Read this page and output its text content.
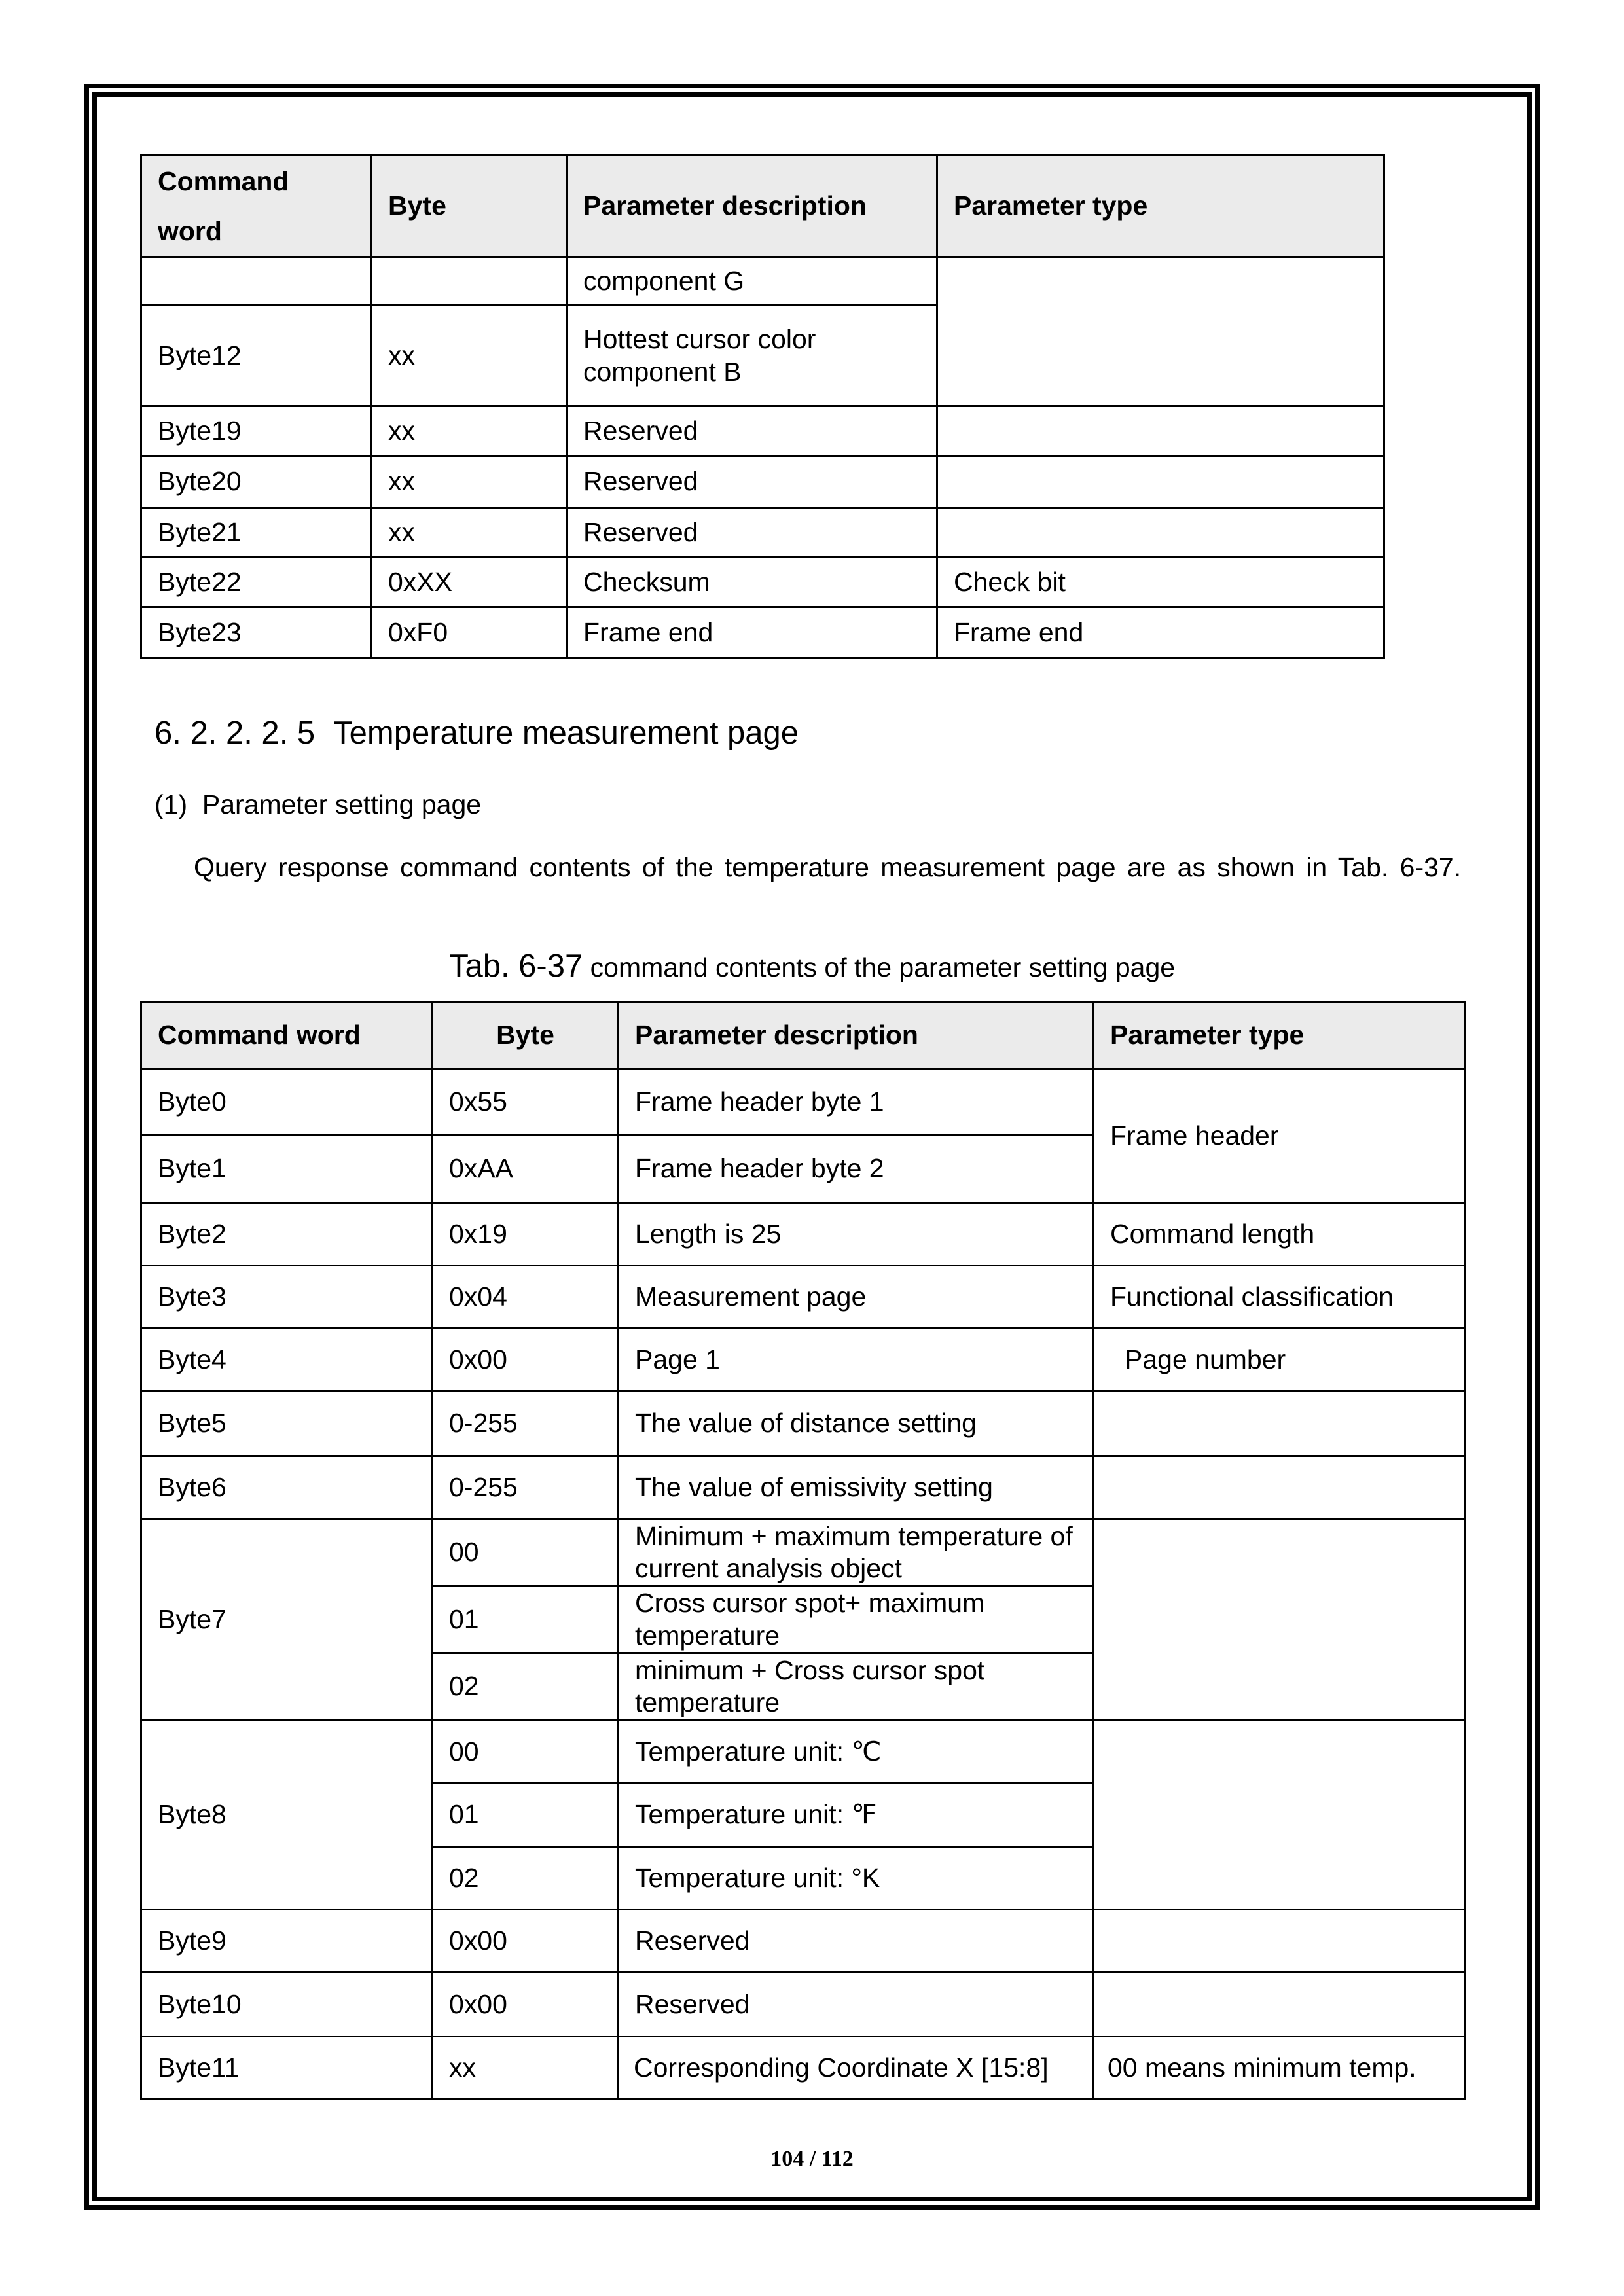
Command
word	Byte	Parameter description	Parameter type
		component G	
Byte12	xx	Hottest cursor color
component B	
Byte19	xx	Reserved	
Byte20	xx	Reserved	
Byte21	xx	Reserved	
Byte22	0xXX	Checksum	Check bit
Byte23	0xF0	Frame end	Frame end
6. 2. 2. 2. 5 Temperature measurement page
(1)  Parameter setting page
Query response command contents of the temperature measurement page are as shown in Tab. 6-37.
Tab. 6-37 command contents of the parameter setting page
Command word	Byte	Parameter description	Parameter type
Byte0	0x55	Frame header byte 1	Frame header
Byte1	0xAA	Frame header byte 2	
Byte2	0x19	Length is 25	Command length
Byte3	0x04	Measurement page	Functional classification
Byte4	0x00	Page 1	Page number
Byte5	0-255	The value of distance setting	
Byte6	0-255	The value of emissivity setting	
Byte7	00	Minimum + maximum temperature of current analysis object	
	01	Cross cursor spot+ maximum temperature	
	02	minimum + Cross cursor spot temperature	
Byte8	00	Temperature unit: ℃	
	01	Temperature unit: ℉	
	02	Temperature unit: °K	
Byte9	0x00	Reserved	
Byte10	0x00	Reserved	
Byte11	xx	Corresponding Coordinate X [15:8]	00 means minimum temp.
104 / 112
